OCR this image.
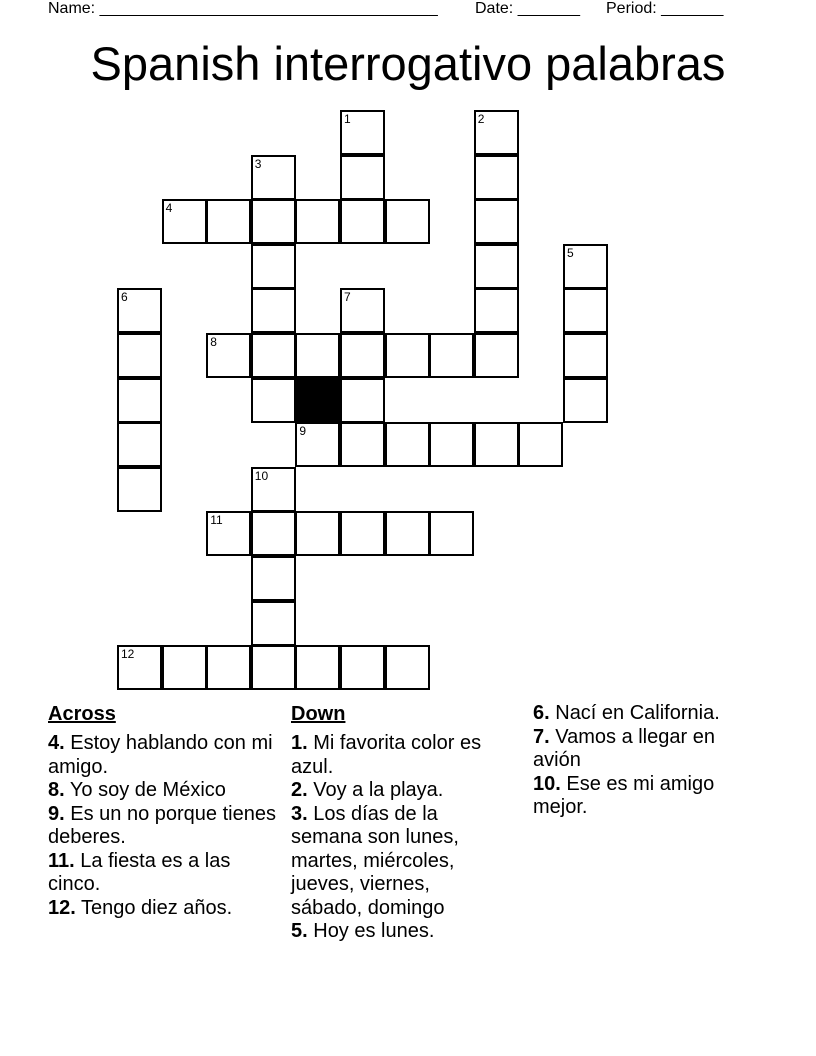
Name: ______________________________________ Date: _______ Period: _______
Spanish interrogativo palabras
4
8
9
11
12
1	2
3
5
6	7
10
Across
4. Estoy hablando con mi amigo.
8. Yo soy de México
9. Es un no porque tienes deberes.
11. La fiesta es a las cinco.
12. Tengo diez años.
Down
1. Mi favorita color es azul.
2. Voy a la playa.
3. Los días de la semana son lunes, martes, miércoles, jueves, viernes, sábado, domingo
5. Hoy es lunes.
6. Nací en California.
7. Vamos a llegar en avión
10. Ese es mi amigo mejor.
